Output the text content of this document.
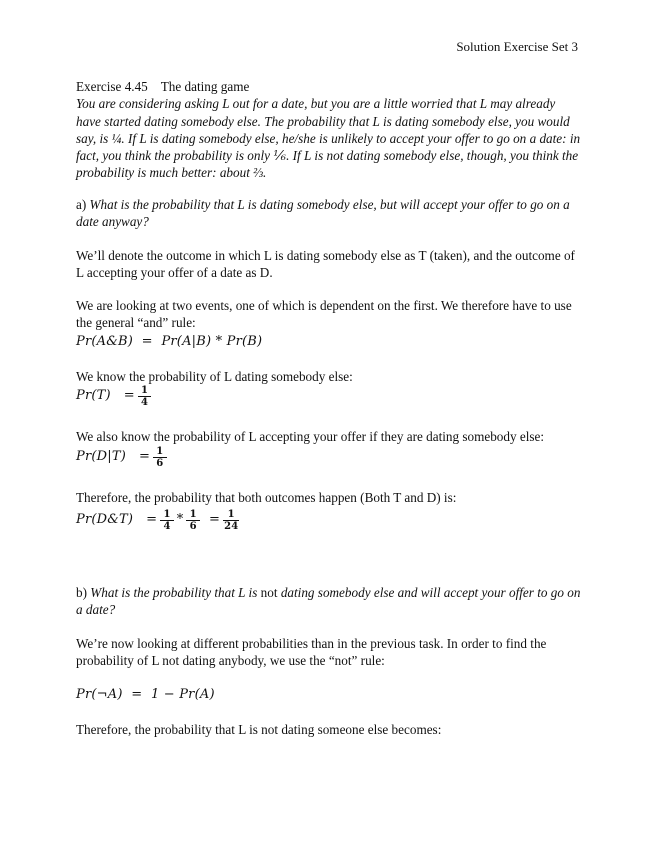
Solution Exercise Set 3
Exercise 4.45    The dating game
You are considering asking L out for a date, but you are a little worried that L may already have started dating somebody else. The probability that L is dating somebody else, you would say, is ¼. If L is dating somebody else, he/she is unlikely to accept your offer to go on a date: in fact, you think the probability is only ⅙. If L is not dating somebody else, though, you think the probability is much better: about ⅔.
a) What is the probability that L is dating somebody else, but will accept your offer to go on a date anyway?
We’ll denote the outcome in which L is dating somebody else as T (taken), and the outcome of L accepting your offer of a date as D.
We are looking at two events, one of which is dependent on the first. We therefore have to use the general “and” rule:
Pr(A&B)  =  Pr(A|B) * Pr(B)
We know the probability of L dating somebody else:
Pr(T)   =

$\frac{1}{4}$

We also know the probability of L accepting your offer if they are dating somebody else:
Pr(D|T)   =

$\frac{1}{6}$

Therefore, the probability that both outcomes happen (Both T and D) is:
Pr(D&T)   =

$\frac{1}{4}$

*

$\frac{1}{6}$

=

$\frac{1}{24}$

b) What is the probability that L is not dating somebody else and will accept your offer to go on a date?
We’re now looking at different probabilities than in the previous task. In order to find the probability of L not dating anybody, we use the “not” rule:
Pr(¬A)  =  1 − Pr(A)
Therefore, the probability that L is not dating someone else becomes:
